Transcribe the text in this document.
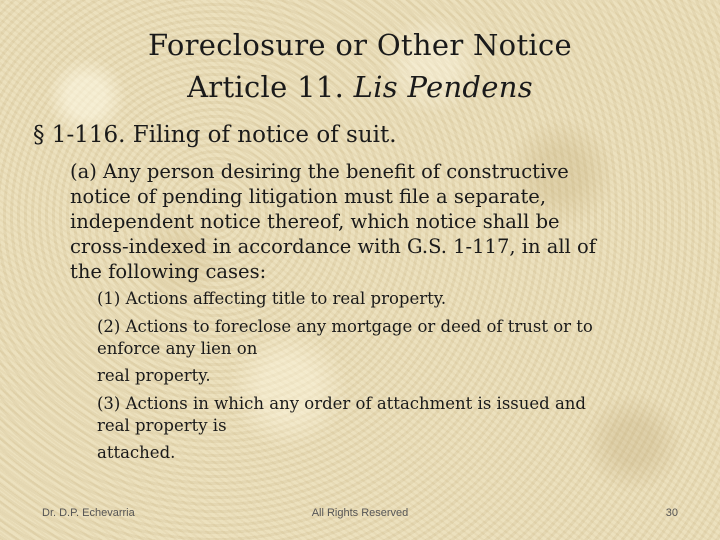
Foreclosure or Other Notice
Article 11. Lis Pendens
§ 1-116. Filing of notice of suit.
(a) Any person desiring the benefit of constructive
notice of pending litigation must file a separate,
independent notice thereof, which notice shall be
cross-indexed in accordance with G.S. 1-117, in all of
the following cases:
(1) Actions affecting title to real property.
(2) Actions to foreclose any mortgage or deed of trust or to
enforce any lien on
real property.
(3) Actions in which any order of attachment is issued and
real property is
attached.
Dr. D.P. Echevarria	All Rights Reserved	30
